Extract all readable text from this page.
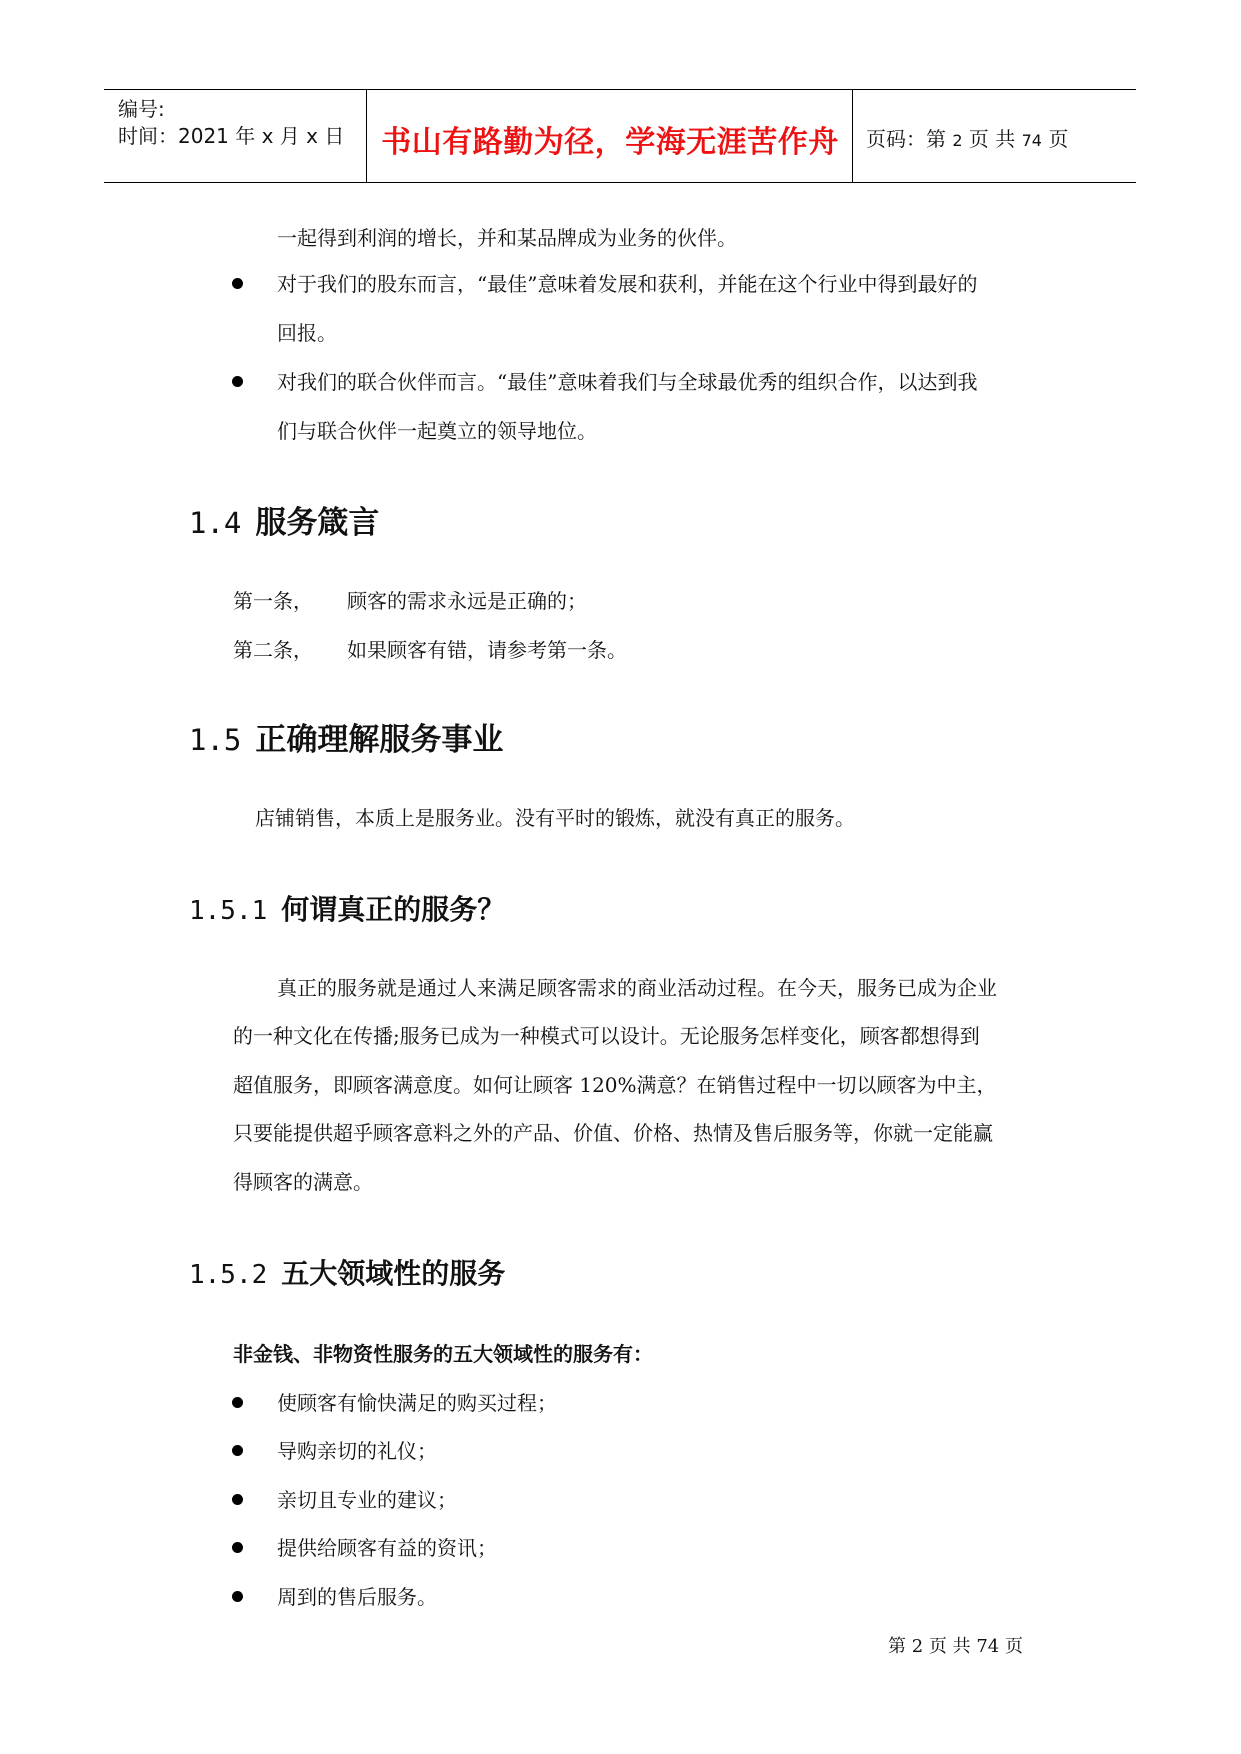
编号:
时间：2021 年 x 月 x 日	书山有路勤为径，学海无涯苦作舟	页码：第 2 页 共 74 页
一起得到利润的增长，并和某品牌成为业务的伙伴。
对于我们的股东而言，“最佳”意味着发展和获利，并能在这个行业中得到最好的
回报。
对我们的联合伙伴而言。“最佳”意味着我们与全球最优秀的组织合作，以达到我
们与联合伙伴一起奠立的领导地位。
1.4 服务箴言
第一条， 顾客的需求永远是正确的；
第二条， 如果顾客有错，请参考第一条。
1.5 正确理解服务事业
店铺销售，本质上是服务业。没有平时的锻炼，就没有真正的服务。
1.5.1 何谓真正的服务？
真正的服务就是通过人来满足顾客需求的商业活动过程。在今天，服务已成为企业
的一种文化在传播;服务已成为一种模式可以设计。无论服务怎样变化，顾客都想得到
超值服务，即顾客满意度。如何让顾客 120%满意？在销售过程中一切以顾客为中主，
只要能提供超乎顾客意料之外的产品、价值、价格、热情及售后服务等，你就一定能赢
得顾客的满意。
1.5.2 五大领域性的服务
非金钱、非物资性服务的五大领域性的服务有：
使顾客有愉快满足的购买过程；
导购亲切的礼仪；
亲切且专业的建议；
提供给顾客有益的资讯；
周到的售后服务。
第 2 页 共 74 页
